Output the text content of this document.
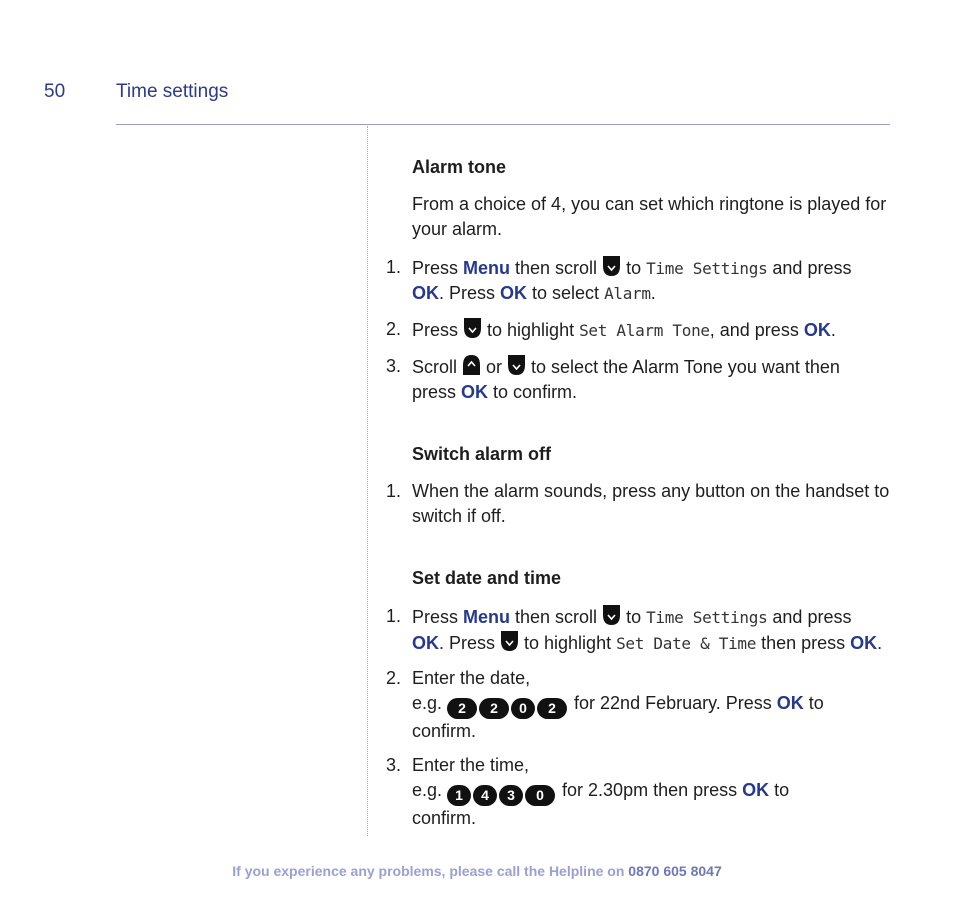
50	Time settings
Alarm tone
From a choice of 4, you can set which ringtone is played for your alarm.
1. Press Menu then scroll  to Time Settings and press
OK. Press OK to select Alarm.
2. Press  to highlight Set Alarm Tone, and press OK.
3. Scroll  or  to select the Alarm Tone you want then
press OK to confirm.
Switch alarm off
1. When the alarm sounds, press any button on the handset to switch if off.
Set date and time
1. Press Menu then scroll  to Time Settings and press
OK. Press  to highlight Set Date & Time then press OK.
2. Enter the date,
e.g. 2 2 0 2 for 22nd February. Press OK to
confirm.
3. Enter the time,
e.g. 1 4 3 0 for 2.30pm then press OK to
confirm.
If you experience any problems, please call the Helpline on 0870 605 8047
